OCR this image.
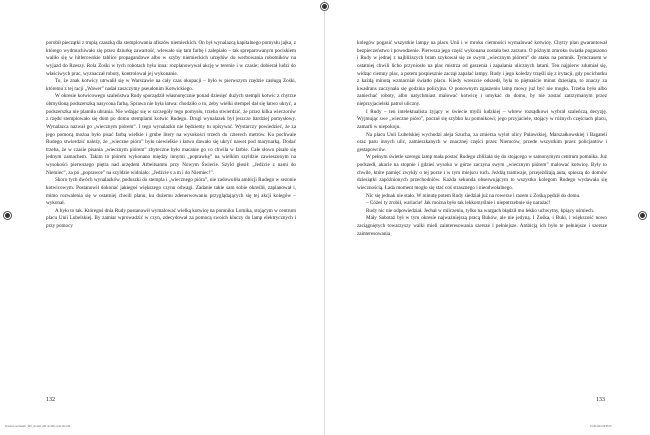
porobił pieczątki z trupią czaszką dla stemplowania afiszów niemieckich. On był wynalazcą kapitalnego pomysłu jajka, z którego wydmuchiwało się przez dziurkę zawartość, wlewało się tam farbę i zalepiało – tak spreparowanym pociskiem waliło się w hitlerowskie tablice propagandowe albo w szyby niemieckich urzędów do werbowania robotników na wyjazd do Rzeszy. Rola Zośki w tych robotach była inna: rozplanowywał akcję w terenie i w czasie; dobierał ludzi do właściwych prac, wyznaczał roboty, kontrolował jej wykonanie.

To, że znak kotwicy utrwalił się w Warszawie na cały czas okupacji – było w pierwszym rzędzie zasługą Zośki, któremu z tej racji „Wawer” nadał zaszczytny pseudonim Kotwickiego.

W okresie kotwicowego szaleństwa Rudy sporządził własnoręcznie ponad dziesięć dużych stempli kotwic z chytrze obmyśloną podszerszką nasycona farbą. Sprawa nie była łatwa: chodziło o to, żeby wielki stempel dał się łatwo ukryć, a podszerszka nie plamiła ubrania. Nie wdając się w szczegóły tego pomysłu, trzeba stwierdzić, że przez kilka wieczorów z rzędu stemplowało się dom po domu stemplami kotwic Rudego. Drugi wynalazek był jeszcze bardziej pomysłowy. Wynalazca nazwał go „wiecznym piórem”. I tego wynalazku nie będziemy tu opisywać. Wystarczy powiedzieć, że za jego pomocą można było pisać farbą wielkie i grube litery na wysokości trzech do czterech metrów. Ku pochwale Rudego stwierdzić należy, że „wieczne pióro” było niewielkie i łatwo dawało się ukryć nawet pod marynarką. Dodać trzeba, że w czasie pisania „wiecznym piórem” zbyteczne było macanie go co chwila w farbie. Całe słowo pisało się jednym zamachem. Takim to piórem wykonano między innymi „poprawkę” na wielkim szyldzie zawieszonym na wysokości pierwszego piętra nad urzędem Arbeitsamtu przy Nowym Świecie. Szyld głosił: „Jedźcie z nami do Niemiec”, za pó „poprawce” na szyldzie widniało: „Jedźcie s a m i do Niemiec!”.

Skoro tych dwóch wynalazków, poduszki do stempla i „wiecznego pióra”, nie zadowoliła ambicji Rudego w sezonie kotwicowym. Postanowił dokonać jakiegoś większego czynu odwagi. Zadanie takie sam sobie określił, zaplanował i, mimo rozwalenia się w ostatniej chwili planu, ku dużemu zdenerwowaniu przyglądających się tej akcji kolegów – wykonał.

A było to tak. Któregoś dnia Rudy postanowił wymalować wielką kotwicę na pomniku Lotnika, stojącym w centrum placu Unii Lubelskiej. By zamiar wprowadzić w czyn, zdecydował za pomocą swoich kluczy do lamp elektrycznych i przy pomocy

kolegów pogasić wszystkie lampy na placu Unii i w mroku ciemności wymalować kotwicę. Chytry plan gwarantował bezpieczeństwo i powodzenie. Pierwsza jego część wykonana została bez zarzutu. O późnym zmroku światła pogaszono i Rudy w jednej z najbliższych bram szykował się ze swym „wiecznym piórem” do ataku na pomnik. Tymczasem w ostatniej chwili licho przyniosło na plac mistrza od gaszenia i zapalania ulicznych latarń. Ten najpierw zdumiał się, widząc ciemny plac, a potem pospiesznie zaczął zapalać lampy. Rudy i jego koledzy trzęśli się z irytacji, gdy pocichutku z każdą minutą wzmacniał światło placu. Kiedy wreszcie odszedł, była to piętnaście minut dziesiąta, to znaczy za kwadrans zaczynała się godzina policyjna. O ponownym zgaszeniu lamp mowy już być nie mogło. Trzeba było albo zaniechać roboty, albo natychmiast malować kotwicę i umykać do domu, by nie zostać zatrzymanym przez nieprzyjacielski patrol uliczny.

I Rudy – ten intelektualista żyjący w świecie myśli ludzkiej – wbrew rozsądkowi wybrał szaleńczą decyzję. Wyjmując swe „wieczne pióro”, poczuł się szybko ku pomnikowi; jego przyjaciele, stojący w różnych częściach placu, zamarli w niepokoju.

Na placu Unii Lubelskiej wychodzi aleja Szucha, za zmierza wylot ulicy Puławskiej, Marszałkowskiej i Bagateli oraz paru innych ulic, zamieszkanych w znacznej części przez Niemców, przede wszystkim przez policjantów i gestapowców.

W pełnym świetle szeregu lamp mała postać Rudego zbliżała się do stojącego w samonymym centrum pomnika. Już podszedł, akacie na stopnie i gdzieś wysoko w górze zaczyna swym „wiecznym piórem” malować kotwicę. Były to chwile, które pamięć zwykły o tej porze i w tym miejscu ruch. Jeżdżą tramwaje, przejeżdżają auta, spieszą do domów dziesiątki zapóźnionych przechodniów. Każda sekunda obserwującym to wszystko kolegom Rudego wydawała się wiecznością. Łada moment mogło się stać coś strasznego i nieodwołalnego.

Nic się jednak nie stało. W minutę potem Rudy siedział już na rowerze i razem z Zośką pędził do domu.

– Cóżeś ty zrobił, wariacie! Jak można było tak lekkomyślnie i niepotrzebnie się narażać!

Rudy nic nie odpowiedział. Jechał w milczeniu, tylko na wargach błądził mu lekko uchwytny, kpiący uśmiech.

Mały Sabotaż był w tym okresie najważniejszą pracą Buków, ale nie jedyną. I Zośka, i Buki, i większość nowo zaciągniętych towarzyszy walki mieli zainteresowania szersze i pełniejsze. Ambicją ich było te pełniejsze i szersze zainteresowania

132	133
Krasnica na Swiatlo_ŚP1_ok w2w_201 do 2011.indd 132-133	21.06.2011 09:55:07
